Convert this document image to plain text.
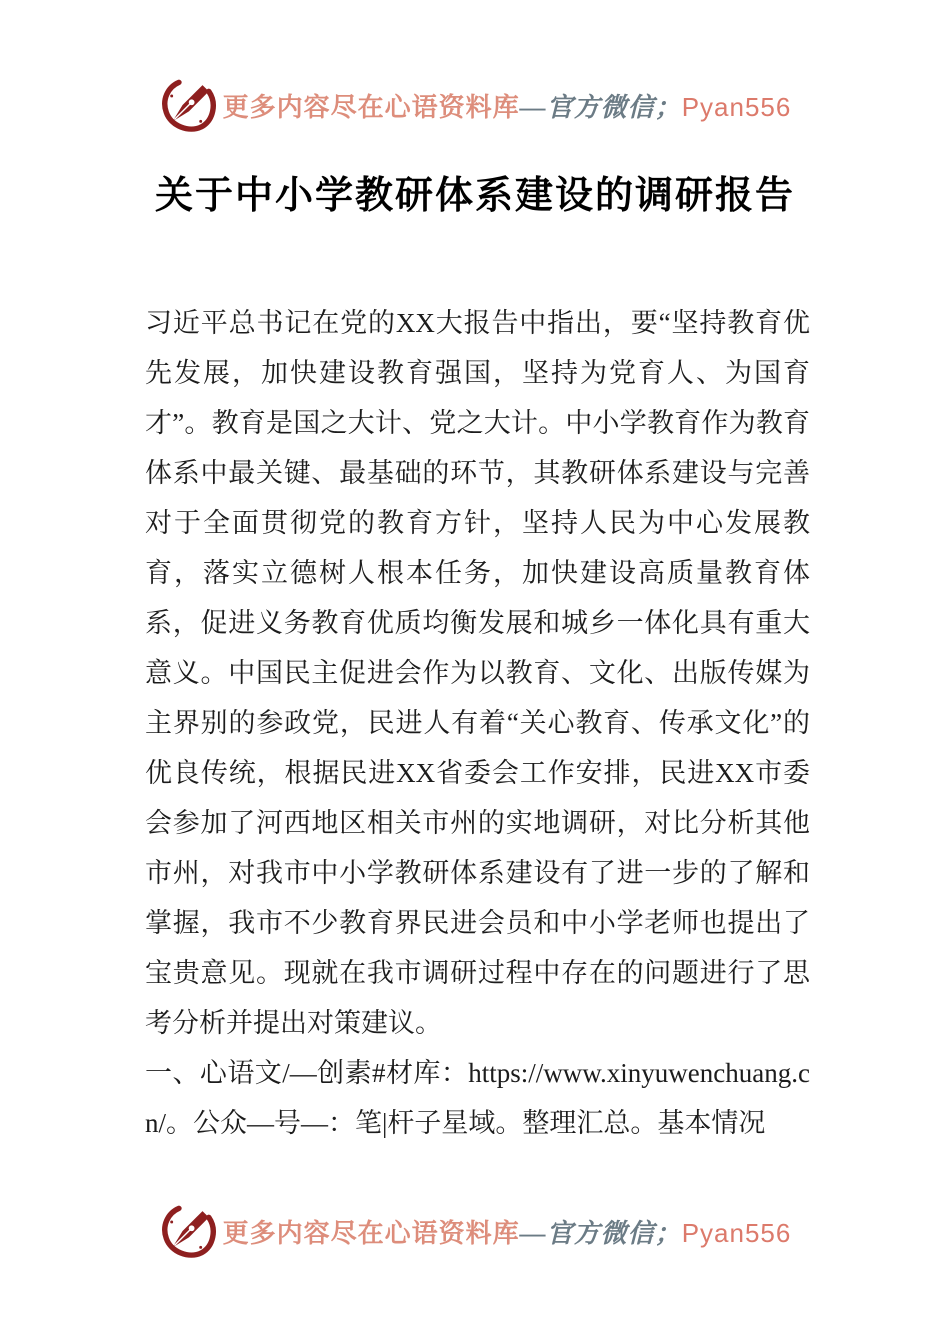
更多内容尽在心语资料库—官方微信；Pyan556
关于中小学教研体系建设的调研报告

习近平总书记在党的XX大报告中指出，要“坚持教育优先发展，加快建设教育强国，坚持为党育人、为国育才”。教育是国之大计、党之大计。中小学教育作为教育体系中最关键、最基础的环节，其教研体系建设与完善对于全面贯彻党的教育方针，坚持人民为中心发展教育，落实立德树人根本任务，加快建设高质量教育体系，促进义务教育优质均衡发展和城乡一体化具有重大意义。中国民主促进会作为以教育、文化、出版传媒为主界别的参政党，民进人有着“关心教育、传承文化”的优良传统，根据民进XX省委会工作安排，民进XX市委会参加了河西地区相关市州的实地调研，对比分析其他市州，对我市中小学教研体系建设有了进一步的了解和掌握，我市不少教育界民进会员和中小学老师也提出了宝贵意见。现就在我市调研过程中存在的问题进行了思考分析并提出对策建议。

一、心语文/—创素#材库：https://www.xinyuwenchuang.cn/。公众—号—：笔|杆子星域。整理汇总。基本情况

更多内容尽在心语资料库—官方微信；Pyan556
